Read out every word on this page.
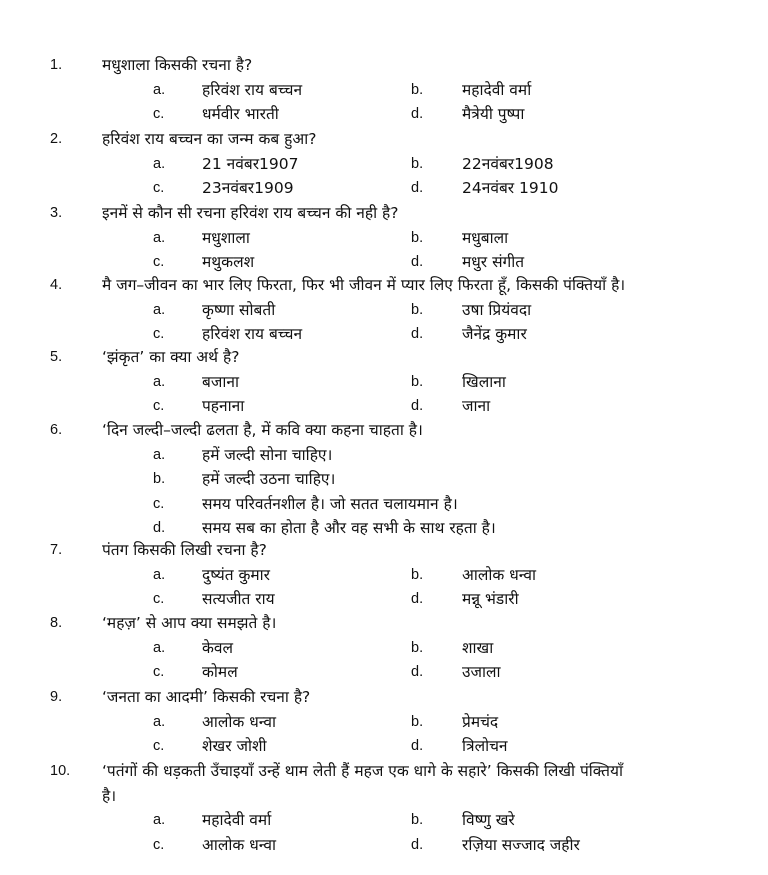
1.	मधुशाला किसकी रचना है?
a. हरिवंश राय बच्चन	b.	महादेवी वर्मा
c. धर्मवीर भारती	d.	मैत्रेयी पुष्पा
2.	हरिवंश राय बच्चन का जन्म कब हुआ?
a. 21 नवंबर1907	b.	22नवंबर1908
c. 23नवंबर1909	d.	24नवंबर 1910
3.	इनमें से कौन सी रचना हरिवंश राय बच्चन की नही है?
a. मधुशाला	b.	मधुबाला
c. मथुकलश	d.	मधुर संगीत
4.	मै जग–जीवन का भार लिए फिरता, फिर भी जीवन में प्यार लिए फिरता हूँ, किसकी पंक्तियाँ है।
a. कृष्णा सोबती	b.	उषा प्रियंवदा
c. हरिवंश राय बच्चन	d.	जैनेंद्र कुमार
5.	‘झंकृत’ का क्या अर्थ है?
a. बजाना	b.	खिलाना
c. पहनाना	d.	जाना
6.	‘दिन जल्दी–जल्दी ढलता है, में कवि क्या कहना चाहता है।
a. हमें जल्दी सोना चाहिए।
b. हमें जल्दी उठना चाहिए।
c. समय परिवर्तनशील है। जो सतत चलायमान है।
d. समय सब का होता है और वह सभी के साथ रहता है।
7.	पंतग किसकी लिखी रचना है?
a. दुष्यंत कुमार	b.	आलोक धन्वा
c. सत्यजीत राय	d.	मन्नू भंडारी
8.	‘महज़’ से आप क्या समझते है।
a. केवल	b.	शाखा
c. कोमल	d.	उजाला
9.	‘जनता का आदमी’ किसकी रचना है?
a. आलोक धन्वा	b.	प्रेमचंद
c. शेखर जोशी	d.	त्रिलोचन
10. ‘पतंगों की धड़कती उँचाइयाँ उन्हें थाम लेती हैं महज एक धागे के सहारे’ किसकी लिखी पंक्तियाँ
है।
a. महादेवी वर्मा	b.	विष्णु खरे
c. आलोक धन्वा	d.	रज़िया सज्जाद जहीर
